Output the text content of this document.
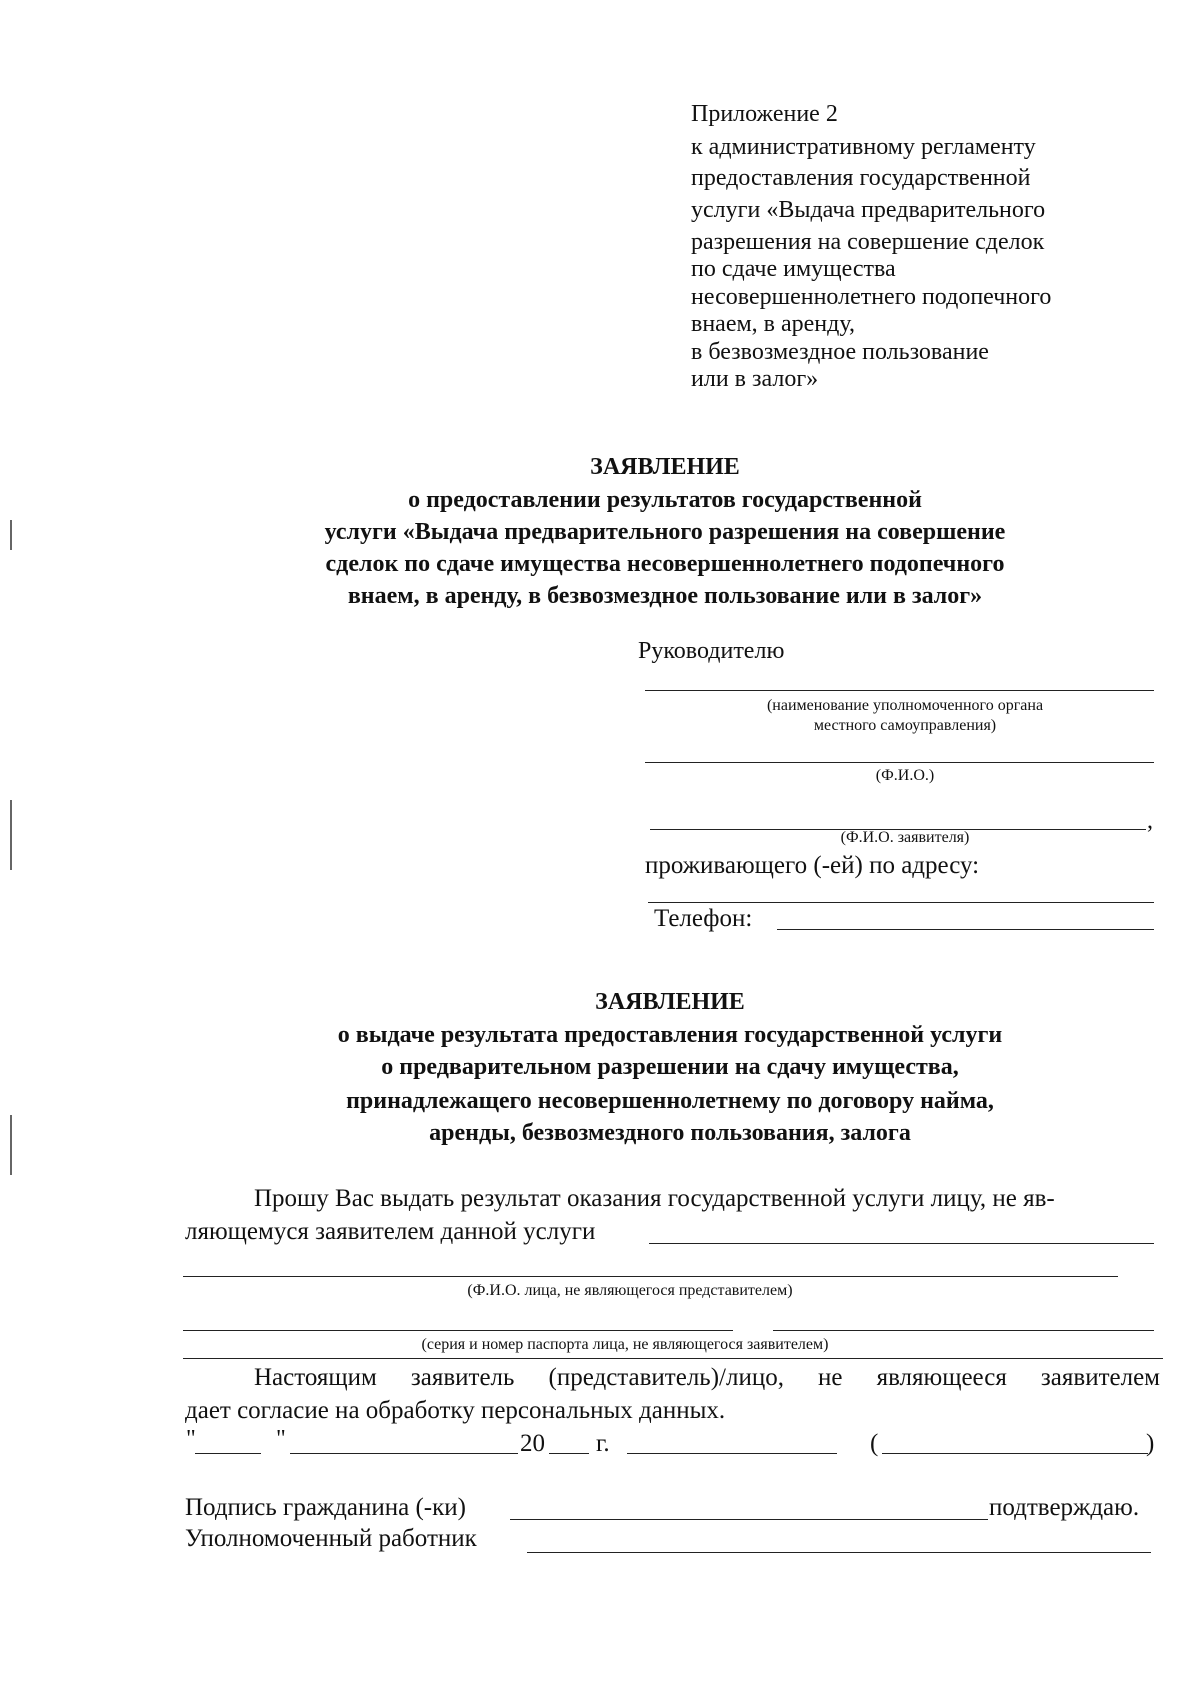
Приложение 2
к административному регламенту
предоставления государственной
услуги «Выдача предварительного
разрешения на совершение сделок
по сдаче имущества
несовершеннолетнего подопечного
внаем, в аренду,
в безвозмездное пользование
или в залог»
ЗАЯВЛЕНИЕ
о предоставлении результатов государственной
услуги «Выдача предварительного разрешения на совершение
сделок по сдаче имущества несовершеннолетнего подопечного
внаем, в аренду, в безвозмездное пользование или в залог»
Руководителю
(наименование уполномоченного органа
местного самоуправления)
(Ф.И.О.)
,
(Ф.И.О. заявителя)
проживающего (-ей) по адресу:
Телефон:
ЗАЯВЛЕНИЕ
о выдаче результата предоставления государственной услуги
о предварительном разрешении на сдачу имущества,
принадлежащего несовершеннолетнему по договору найма,
аренды, безвозмездного пользования, залога
Прошу Вас выдать результат оказания государственной услуги лицу, не яв-
ляющемуся заявителем данной услуги
(Ф.И.О. лица, не являющегося представителем)
(серия и номер паспорта лица, не являющегося заявителем)
Настоящим заявитель (представитель)/лицо, не являющееся заявителем
дает согласие на обработку персональных данных.
"	"	20 г.	(	)
Подпись гражданина (-ки)	подтверждаю.
Уполномоченный работник
